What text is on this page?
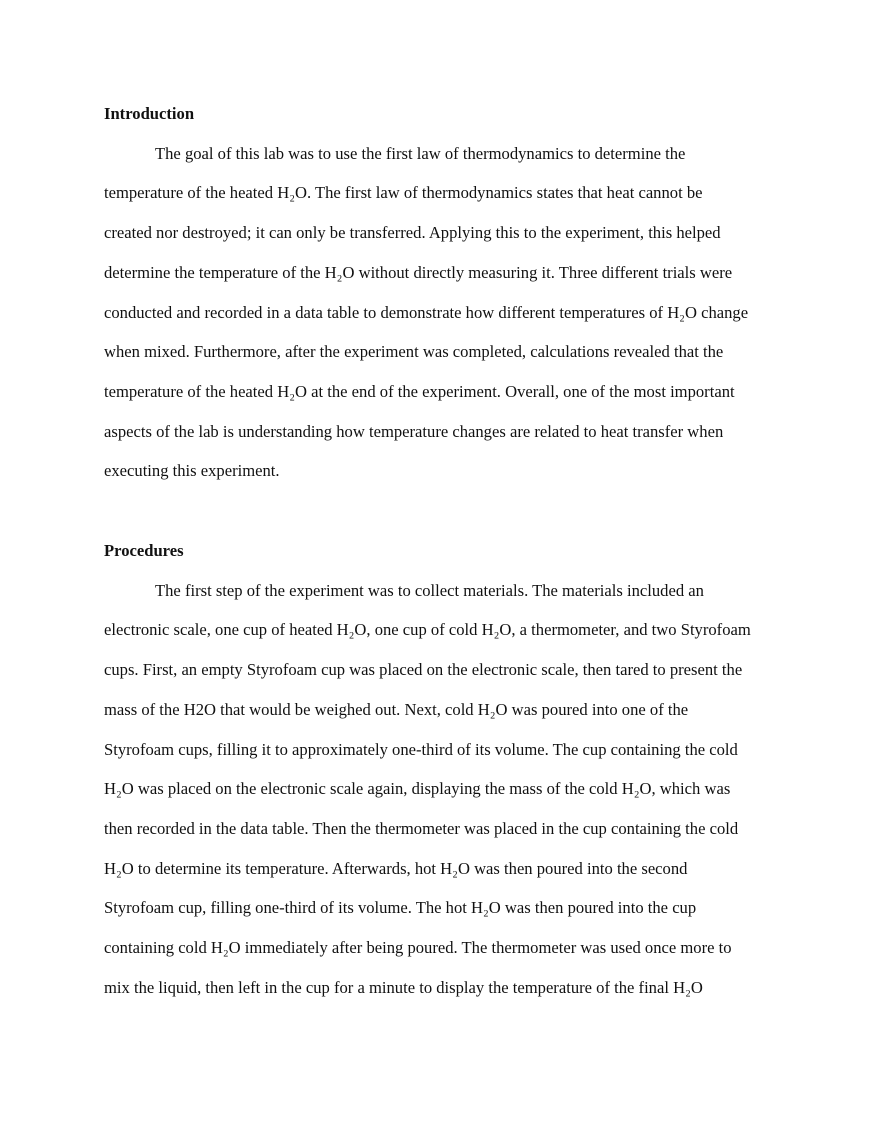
Introduction
The goal of this lab was to use the first law of thermodynamics to determine the
temperature of the heated H₂O. The first law of thermodynamics states that heat cannot be
created nor destroyed; it can only be transferred. Applying this to the experiment, this helped
determine the temperature of the H₂O without directly measuring it. Three different trials were
conducted and recorded in a data table to demonstrate how different temperatures of H₂O change
when mixed. Furthermore, after the experiment was completed, calculations revealed that the
temperature of the heated H₂O at the end of the experiment. Overall, one of the most important
aspects of the lab is understanding how temperature changes are related to heat transfer when
executing this experiment.
Procedures
The first step of the experiment was to collect materials. The materials included an
electronic scale, one cup of heated H₂O, one cup of cold H₂O, a thermometer, and two Styrofoam
cups. First, an empty Styrofoam cup was placed on the electronic scale, then tared to present the
mass of the H2O that would be weighed out. Next, cold H₂O was poured into one of the
Styrofoam cups, filling it to approximately one-third of its volume. The cup containing the cold
H₂O was placed on the electronic scale again, displaying the mass of the cold H₂O, which was
then recorded in the data table. Then the thermometer was placed in the cup containing the cold
H₂O to determine its temperature. Afterwards, hot H₂O was then poured into the second
Styrofoam cup, filling one-third of its volume. The hot H₂O was then poured into the cup
containing cold H₂O immediately after being poured. The thermometer was used once more to
mix the liquid, then left in the cup for a minute to display the temperature of the final H₂O
